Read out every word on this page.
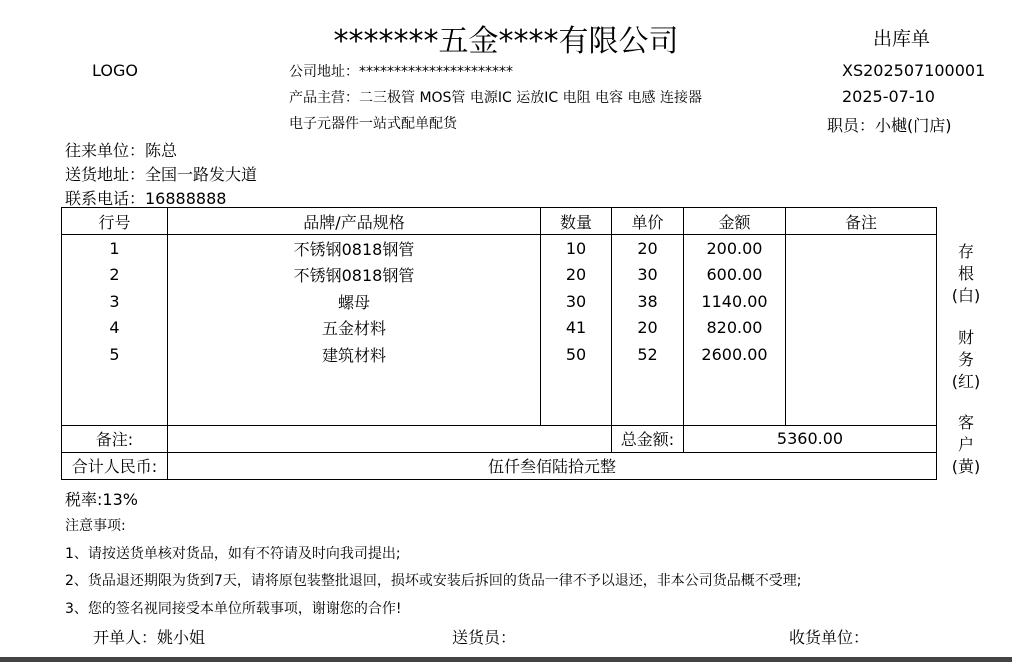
*******五金****有限公司	出库单
LOGO	公司地址：**********************
产品主营：二三极管 MOS管 电源IC 运放IC 电阻 电容 电感 连接器
电子元器件一站式配单配货
XS202507100001
2025-07-10
职员：小樾(门店)
往来单位：陈总
送货地址：全国一路发大道
联系电话：16888888
行号	品牌/产品规格	数量	单价	金额	备注
1	不锈钢0818钢管	10	20	200.00	
2	不锈钢0818钢管	20	30	600.00	
3	螺母	30	38	1140.00	
4	五金材料	41	20	820.00	
5	建筑材料	50	52	2600.00	

备注:			总金额:	5360.00	
合计人民币:	伍仟叁佰陆拾元整				
存
根
(白)
财
务
(红)
客
户
(黄)
税率:13%
注意事项:
1、请按送货单核对货品，如有不符请及时向我司提出;
2、货品退还期限为货到7天，请将原包装整批退回，损坏或安装后拆回的货品一律不予以退还，非本公司货品概不受理;
3、您的签名视同接受本单位所载事项，谢谢您的合作!
开单人：姚小姐	送货员：	收货单位：
